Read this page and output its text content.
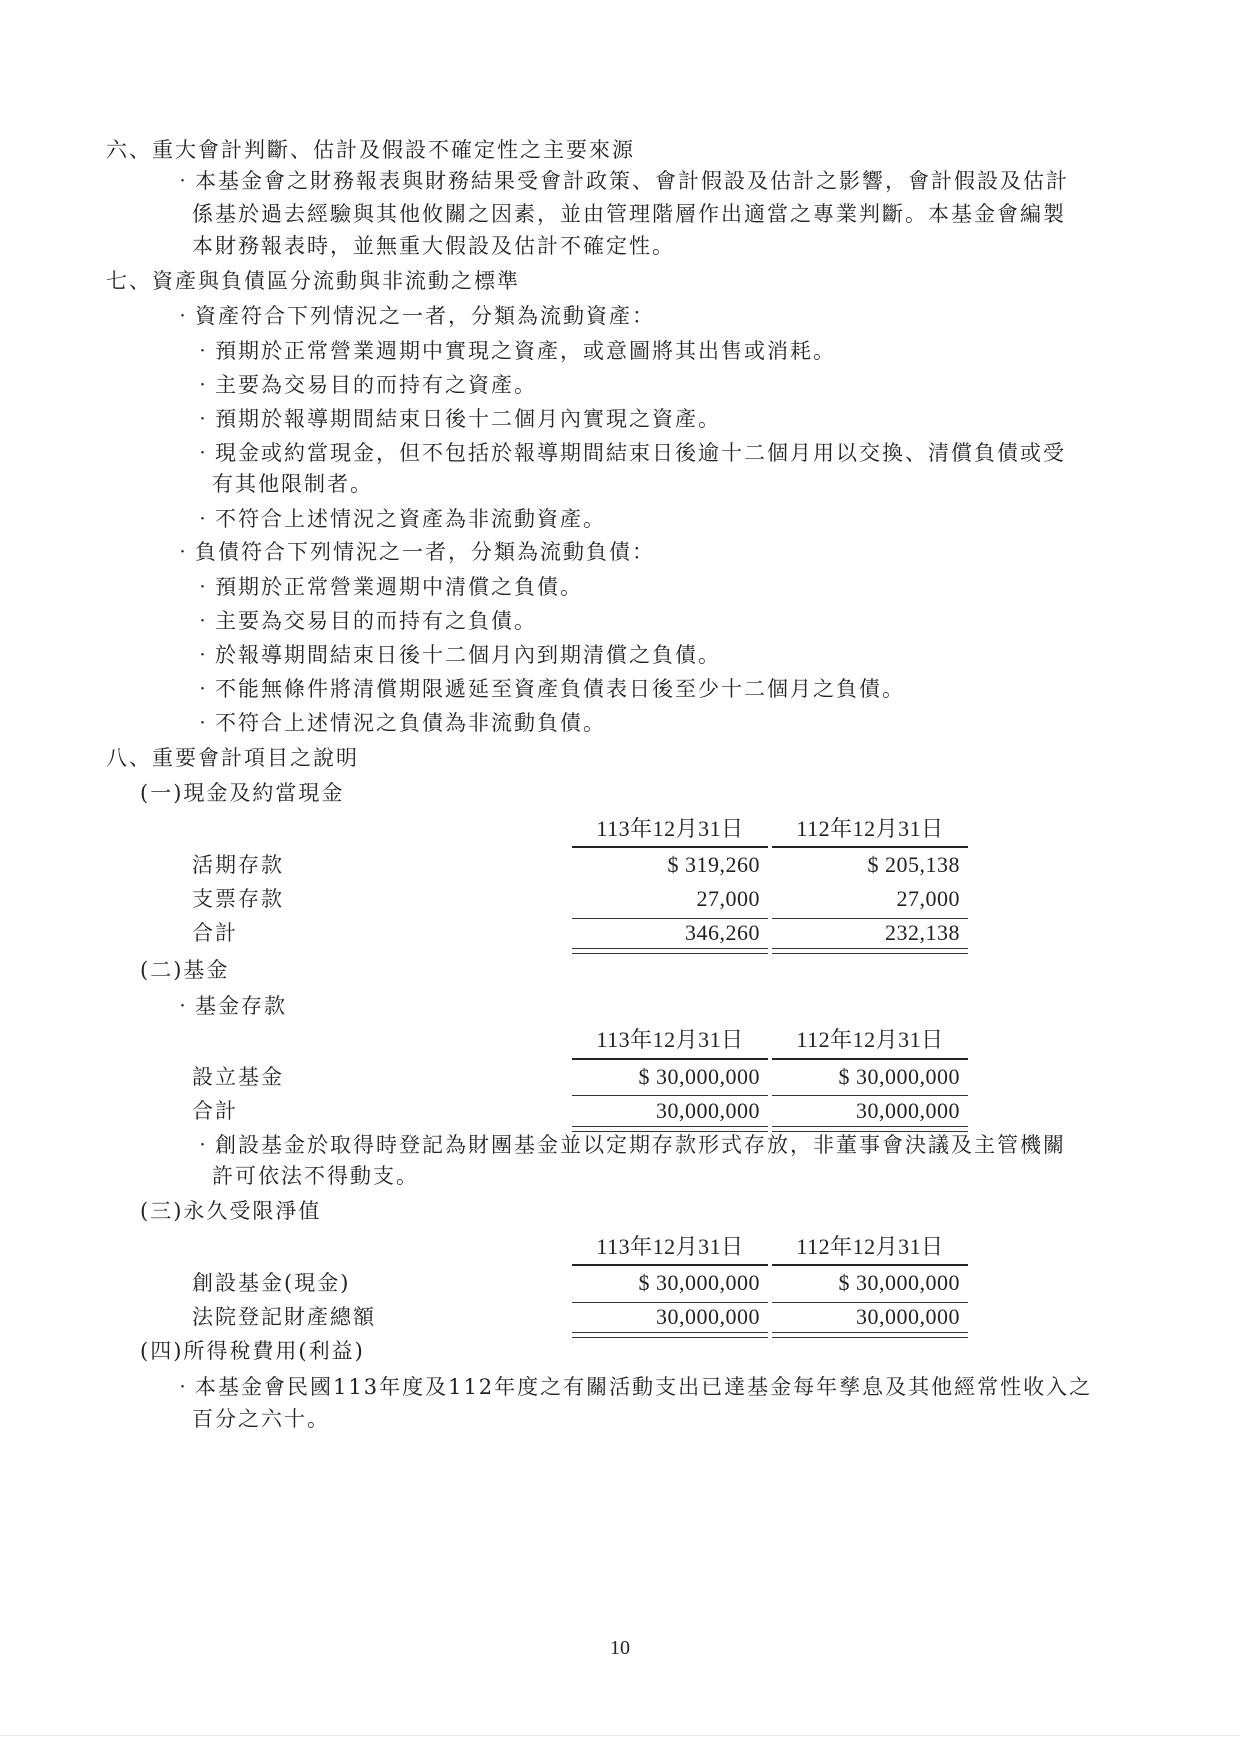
六、重大會計判斷、估計及假設不確定性之主要來源
‧本基金會之財務報表與財務結果受會計政策、會計假設及估計之影響，會計假設及估計
係基於過去經驗與其他攸關之因素，並由管理階層作出適當之專業判斷。本基金會編製
本財務報表時，並無重大假設及估計不確定性。
七、資產與負債區分流動與非流動之標準
‧資產符合下列情況之一者，分類為流動資產：
‧預期於正常營業週期中實現之資產，或意圖將其出售或消耗。
‧主要為交易目的而持有之資產。
‧預期於報導期間結束日後十二個月內實現之資產。
‧現金或約當現金，但不包括於報導期間結束日後逾十二個月用以交換、清償負債或受
有其他限制者。
‧不符合上述情況之資產為非流動資產。
‧負債符合下列情況之一者，分類為流動負債：
‧預期於正常營業週期中清償之負債。
‧主要為交易目的而持有之負債。
‧於報導期間結束日後十二個月內到期清償之負債。
‧不能無條件將清償期限遞延至資產負債表日後至少十二個月之負債。
‧不符合上述情況之負債為非流動負債。
八、重要會計項目之說明
(一)現金及約當現金
113年12月31日	112年12月31日
活期存款	$ 319,260	$ 205,138
支票存款	27,000	27,000
合計	346,260	232,138
(二)基金
‧基金存款
113年12月31日	112年12月31日
設立基金	$ 30,000,000	$ 30,000,000
合計	30,000,000	30,000,000
‧創設基金於取得時登記為財團基金並以定期存款形式存放，非董事會決議及主管機關
許可依法不得動支。
(三)永久受限淨值
113年12月31日	112年12月31日
創設基金(現金)	$ 30,000,000	$ 30,000,000
法院登記財產總額	30,000,000	30,000,000
(四)所得稅費用(利益)
‧本基金會民國113年度及112年度之有關活動支出已達基金每年孳息及其他經常性收入之
百分之六十。
10
